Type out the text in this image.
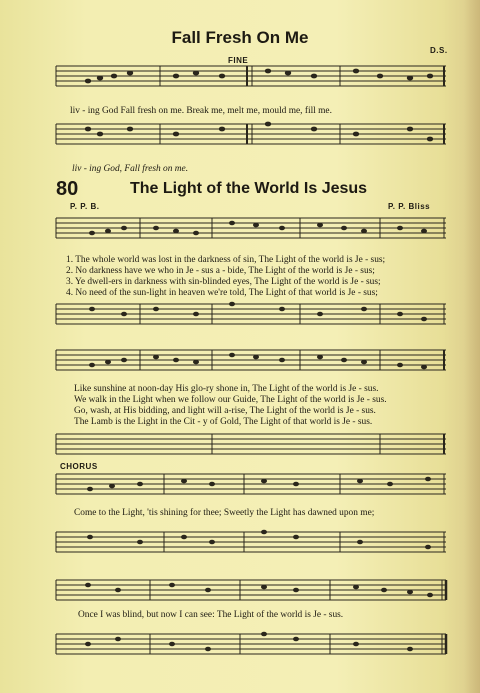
Fall Fresh On Me
FINE
D.S.
liv - ing God Fall fresh on me. Break me, melt me, mould me, fill me.
liv - ing God, Fall fresh on me.
80	The Light of the World Is Jesus
P. P. B.	P. P. Bliss
1. The whole world was lost in the darkness of sin, The Light of the world is Je - sus;
2. No darkness have we who in Je - sus a - bide, The Light of the world is Je - sus;
3. Ye dwell-ers in darkness with sin-blinded eyes, The Light of the world is Je - sus;
4. No need of the sun-light in heaven we're told, The Light of that world is Je - sus;
Like sunshine at noon-day His glo-ry shone in, The Light of the world is Je - sus.
We walk in the Light when we follow our Guide, The Light of the world is Je - sus.
Go, wash, at His bidding, and light will a-rise, The Light of the world is Je - sus.
The Lamb is the Light in the Cit - y of Gold, The Light of that world is Je - sus.
CHORUS
Come to the Light, 'tis shining for thee; Sweetly the Light has dawned upon me;
Once I was blind, but now I can see: The Light of the world is Je - sus.
